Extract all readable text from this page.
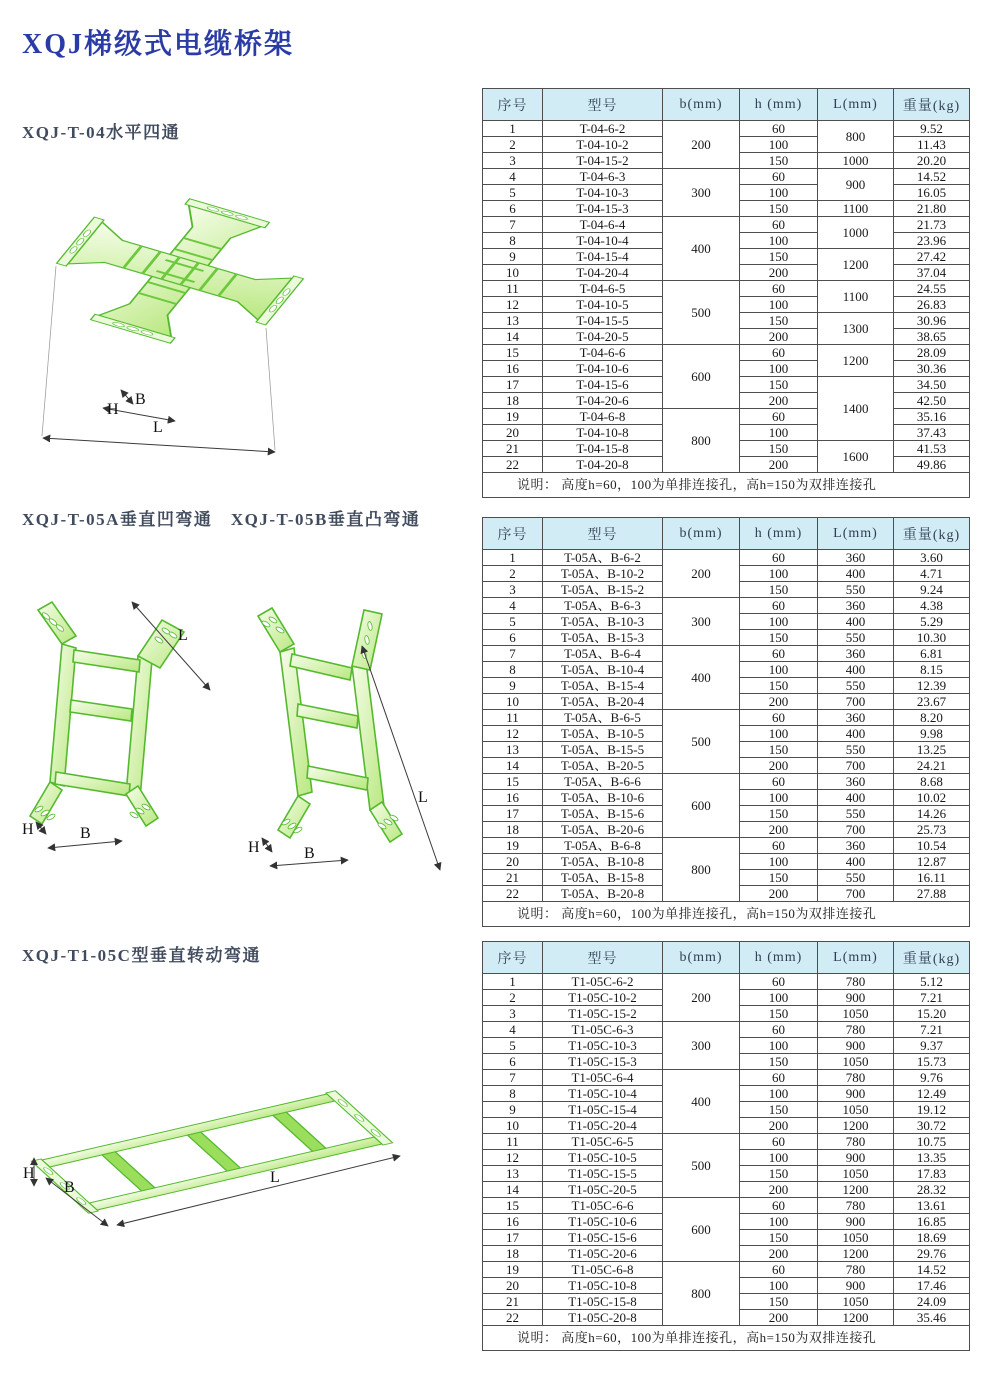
XQJ梯级式电缆桥架
XQJ-T-04水平四通
XQJ-T-05A垂直凹弯通　XQJ-T-05B垂直凸弯通
XQJ-T1-05C型垂直转动弯通
H
B
L
L
H	B
L
H	B
H
B
L
序号	型号	b(mm)	h (mm)	L(mm)	重量(kg)
1	T-04-6-2	200	60	800	9.52
2	T-04-10-2		100		11.43
3	T-04-15-2		150	1000	20.20
4	T-04-6-3	300	60	900	14.52
5	T-04-10-3		100		16.05
6	T-04-15-3		150	1100	21.80
7	T-04-6-4	400	60	1000	21.73
8	T-04-10-4		100		23.96
9	T-04-15-4		150	1200	27.42
10	T-04-20-4		200		37.04
11	T-04-6-5	500	60	1100	24.55
12	T-04-10-5		100		26.83
13	T-04-15-5		150	1300	30.96
14	T-04-20-5		200		38.65
15	T-04-6-6	600	60	1200	28.09
16	T-04-10-6		100		30.36
17	T-04-15-6		150	1400	34.50
18	T-04-20-6		200		42.50
19	T-04-6-8	800	60		35.16
20	T-04-10-8		100		37.43
21	T-04-15-8		150	1600	41.53
22	T-04-20-8		200		49.86
说明： 高度h=60，100为单排连接孔，高h=150为双排连接孔					
序号	型号	b(mm)	h (mm)	L(mm)	重量(kg)
1	T-05A、B-6-2	200	60	360	3.60
2	T-05A、B-10-2		100	400	4.71
3	T-05A、B-15-2		150	550	9.24
4	T-05A、B-6-3	300	60	360	4.38
5	T-05A、B-10-3		100	400	5.29
6	T-05A、B-15-3		150	550	10.30
7	T-05A、B-6-4	400	60	360	6.81
8	T-05A、B-10-4		100	400	8.15
9	T-05A、B-15-4		150	550	12.39
10	T-05A、B-20-4		200	700	23.67
11	T-05A、B-6-5	500	60	360	8.20
12	T-05A、B-10-5		100	400	9.98
13	T-05A、B-15-5		150	550	13.25
14	T-05A、B-20-5		200	700	24.21
15	T-05A、B-6-6	600	60	360	8.68
16	T-05A、B-10-6		100	400	10.02
17	T-05A、B-15-6		150	550	14.26
18	T-05A、B-20-6		200	700	25.73
19	T-05A、B-6-8	800	60	360	10.54
20	T-05A、B-10-8		100	400	12.87
21	T-05A、B-15-8		150	550	16.11
22	T-05A、B-20-8		200	700	27.88
说明： 高度h=60，100为单排连接孔，高h=150为双排连接孔					
序号	型号	b(mm)	h (mm)	L(mm)	重量(kg)
1	T1-05C-6-2	200	60	780	5.12
2	T1-05C-10-2		100	900	7.21
3	T1-05C-15-2		150	1050	15.20
4	T1-05C-6-3	300	60	780	7.21
5	T1-05C-10-3		100	900	9.37
6	T1-05C-15-3		150	1050	15.73
7	T1-05C-6-4	400	60	780	9.76
8	T1-05C-10-4		100	900	12.49
9	T1-05C-15-4		150	1050	19.12
10	T1-05C-20-4		200	1200	30.72
11	T1-05C-6-5	500	60	780	10.75
12	T1-05C-10-5		100	900	13.35
13	T1-05C-15-5		150	1050	17.83
14	T1-05C-20-5		200	1200	28.32
15	T1-05C-6-6	600	60	780	13.61
16	T1-05C-10-6		100	900	16.85
17	T1-05C-15-6		150	1050	18.69
18	T1-05C-20-6		200	1200	29.76
19	T1-05C-6-8	800	60	780	14.52
20	T1-05C-10-8		100	900	17.46
21	T1-05C-15-8		150	1050	24.09
22	T1-05C-20-8		200	1200	35.46
说明： 高度h=60，100为单排连接孔，高h=150为双排连接孔					
